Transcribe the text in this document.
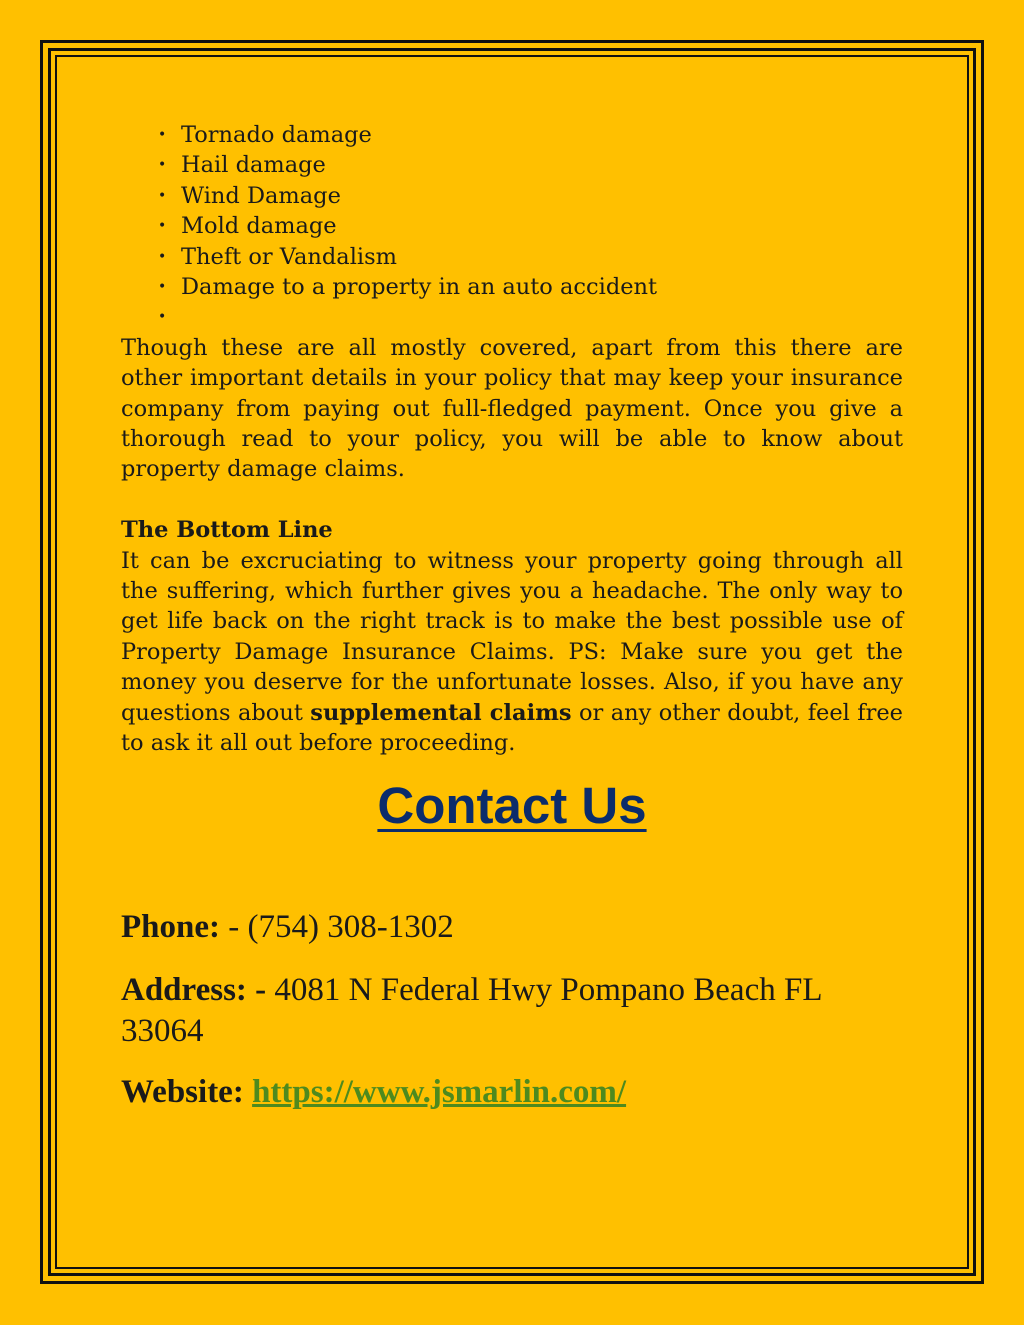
• Tornado damage
• Hail damage
• Wind Damage
• Mold damage
• Theft or Vandalism
• Damage to a property in an auto accident
•

Though these are all mostly covered, apart from this there are other important details in your policy that may keep your insurance company from paying out full-fledged payment. Once you give a thorough read to your policy, you will be able to know about property damage claims.

The Bottom Line

It can be excruciating to witness your property going through all the suffering, which further gives you a headache. The only way to get life back on the right track is to make the best possible use of Property Damage Insurance Claims. PS: Make sure you get the money you deserve for the unfortunate losses. Also, if you have any questions about supplemental claims or any other doubt, feel free to ask it all out before proceeding.

Contact Us
Phone: - (754) 308-1302
Address: - 4081 N Federal Hwy Pompano Beach FL 33064
Website: https://www.jsmarlin.com/
